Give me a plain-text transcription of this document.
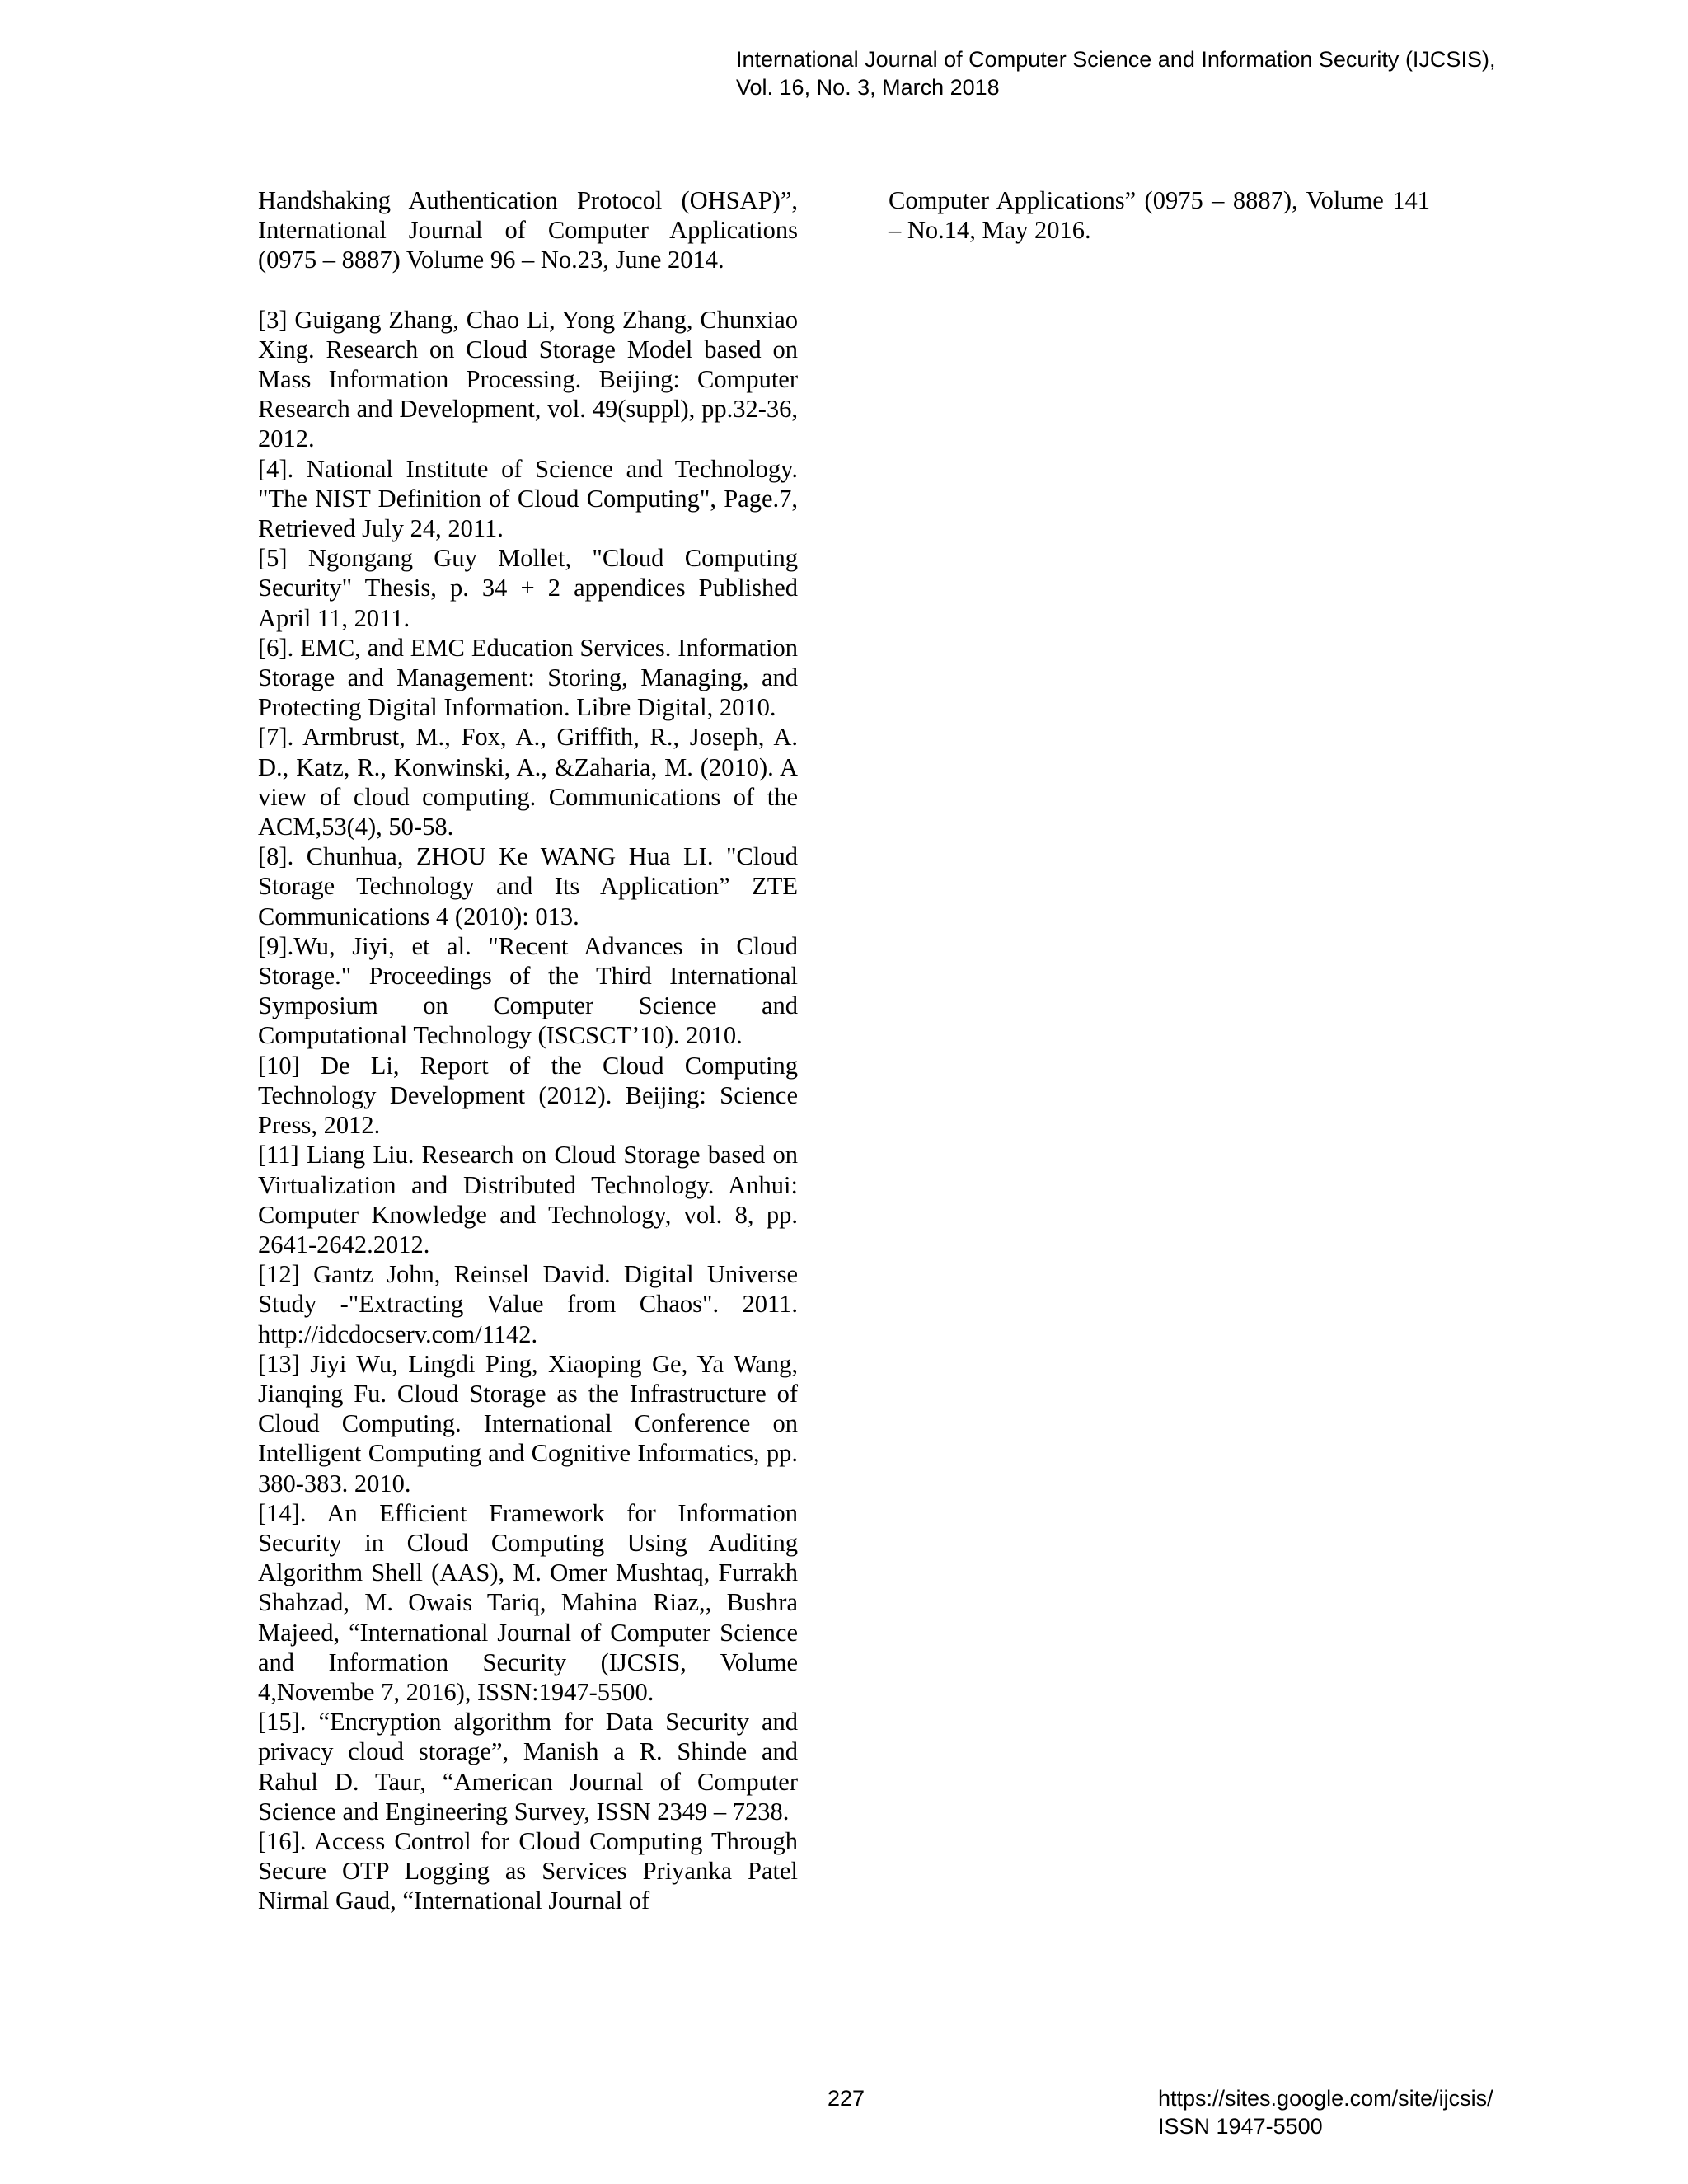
International Journal of Computer Science and Information Security (IJCSIS),
Vol. 16, No. 3, March 2018

Handshaking Authentication Protocol (OHSAP)”, International Journal of Computer Applications (0975 – 8887) Volume 96 – No.23, June 2014.

[3] Guigang Zhang, Chao Li, Yong Zhang, Chunxiao Xing. Research on Cloud Storage Model based on Mass Information Processing. Beijing: Computer Research and Development, vol. 49(suppl), pp.32-36, 2012.

[4]. National Institute of Science and Technology. "The NIST Definition of Cloud Computing", Page.7, Retrieved July 24, 2011.

[5] Ngongang Guy Mollet, "Cloud Computing Security" Thesis, p. 34 + 2 appendices Published April 11, 2011.

[6]. EMC, and EMC Education Services. Information Storage and Management: Storing, Managing, and Protecting Digital Information. Libre Digital, 2010.

[7]. Armbrust, M., Fox, A., Griffith, R., Joseph, A. D., Katz, R., Konwinski, A., &Zaharia, M. (2010). A view of cloud computing. Communications of the ACM,53(4), 50-58.

[8]. Chunhua, ZHOU Ke WANG Hua LI. "Cloud Storage Technology and Its Application” ZTE Communications 4 (2010): 013.

[9].Wu, Jiyi, et al. "Recent Advances in Cloud Storage." Proceedings of the Third International Symposium on Computer Science and Computational Technology (ISCSCT’10). 2010.

[10] De Li, Report of the Cloud Computing Technology Development (2012). Beijing: Science Press, 2012.

[11] Liang Liu. Research on Cloud Storage based on Virtualization and Distributed Technology. Anhui: Computer Knowledge and Technology, vol. 8, pp. 2641-2642.2012.

[12] Gantz John, Reinsel David. Digital Universe Study -"Extracting Value from Chaos". 2011. http://idcdocserv.com/1142.

[13] Jiyi Wu, Lingdi Ping, Xiaoping Ge, Ya Wang, Jianqing Fu. Cloud Storage as the Infrastructure of Cloud Computing. International Conference on Intelligent Computing and Cognitive Informatics, pp. 380-383. 2010.

[14]. An Efficient Framework for Information Security in Cloud Computing Using Auditing Algorithm Shell (AAS), M. Omer Mushtaq, Furrakh Shahzad, M. Owais Tariq, Mahina Riaz,, Bushra Majeed, “International Journal of Computer Science and Information Security (IJCSIS, Volume 4,Novembe 7, 2016), ISSN:1947-5500.

[15]. “Encryption algorithm for Data Security and privacy cloud storage”, Manish a R. Shinde and Rahul D. Taur, “American Journal of Computer Science and Engineering Survey, ISSN 2349 – 7238.

[16]. Access Control for Cloud Computing Through Secure OTP Logging as Services Priyanka Patel Nirmal Gaud, “International Journal of

Computer Applications” (0975 – 8887), Volume 141 – No.14, May 2016.

227	https://sites.google.com/site/ijcsis/
ISSN 1947-5500
